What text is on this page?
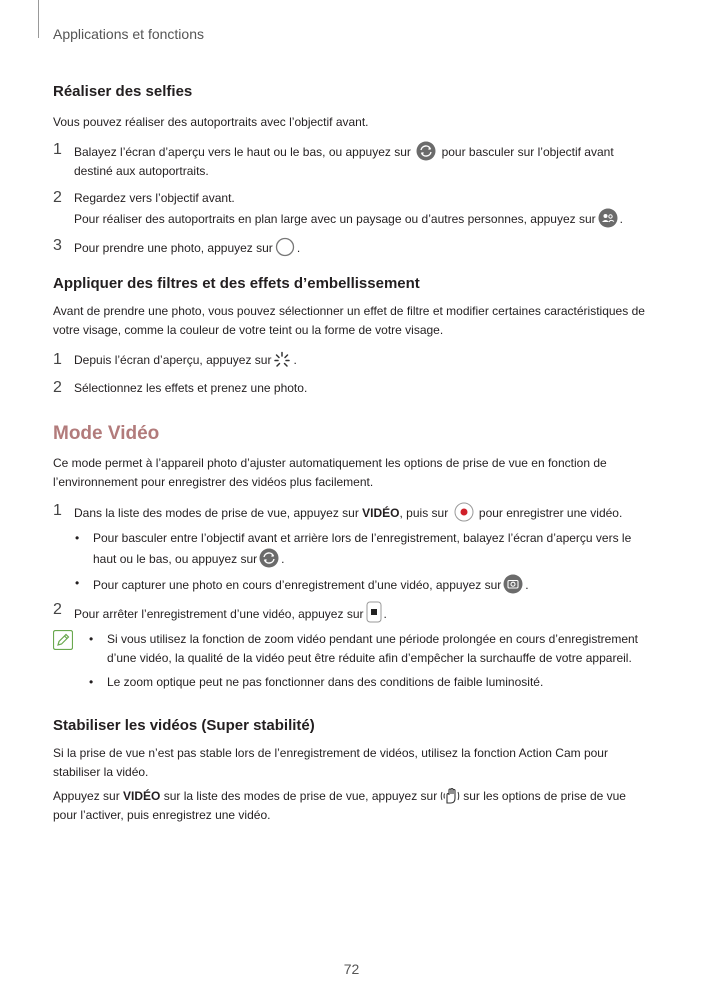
Applications et fonctions
Réaliser des selfies

Vous pouvez réaliser des autoportraits avec l’objectif avant.

1 Balayez l’écran d’aperçu vers le haut ou le bas, ou appuyez sur	pour basculer sur l’objectif avant destiné aux autoportraits.
2 Regardez vers l’objectif avant.
Pour réaliser des autoportraits en plan large avec un paysage ou d’autres personnes, appuyez sur .
3 Pour prendre une photo, appuyez sur .
Appliquer des filtres et des effets d’embellissement

Avant de prendre une photo, vous pouvez sélectionner un effet de filtre et modifier certaines caractéristiques de votre visage, comme la couleur de votre teint ou la forme de votre visage.

1 Depuis l’écran d’aperçu, appuyez sur .
2 Sélectionnez les effets et prenez une photo.
Mode Vidéo

Ce mode permet à l’appareil photo d’ajuster automatiquement les options de prise de vue en fonction de l’environnement pour enregistrer des vidéos plus facilement.

1 Dans la liste des modes de prise de vue, appuyez sur VIDÉO, puis sur	pour enregistrer une vidéo.
• Pour basculer entre l’objectif avant et arrière lors de l’enregistrement, balayez l’écran d’aperçu vers le haut ou le bas, ou appuyez sur .
• Pour capturer une photo en cours d’enregistrement d’une vidéo, appuyez sur .
2 Pour arrêter l’enregistrement d’une vidéo, appuyez sur .
• Si vous utilisez la fonction de zoom vidéo pendant une période prolongée en cours d’enregistrement d’une vidéo, la qualité de la vidéo peut être réduite afin d’empêcher la surchauffe de votre appareil.
• Le zoom optique peut ne pas fonctionner dans des conditions de faible luminosité.
Stabiliser les vidéos (Super stabilité)

Si la prise de vue n’est pas stable lors de l’enregistrement de vidéos, utilisez la fonction Action Cam pour stabiliser la vidéo.

Appuyez sur VIDÉO sur la liste des modes de prise de vue, appuyez sur sur les options de prise de vue pour l’activer, puis enregistrez une vidéo.

72
